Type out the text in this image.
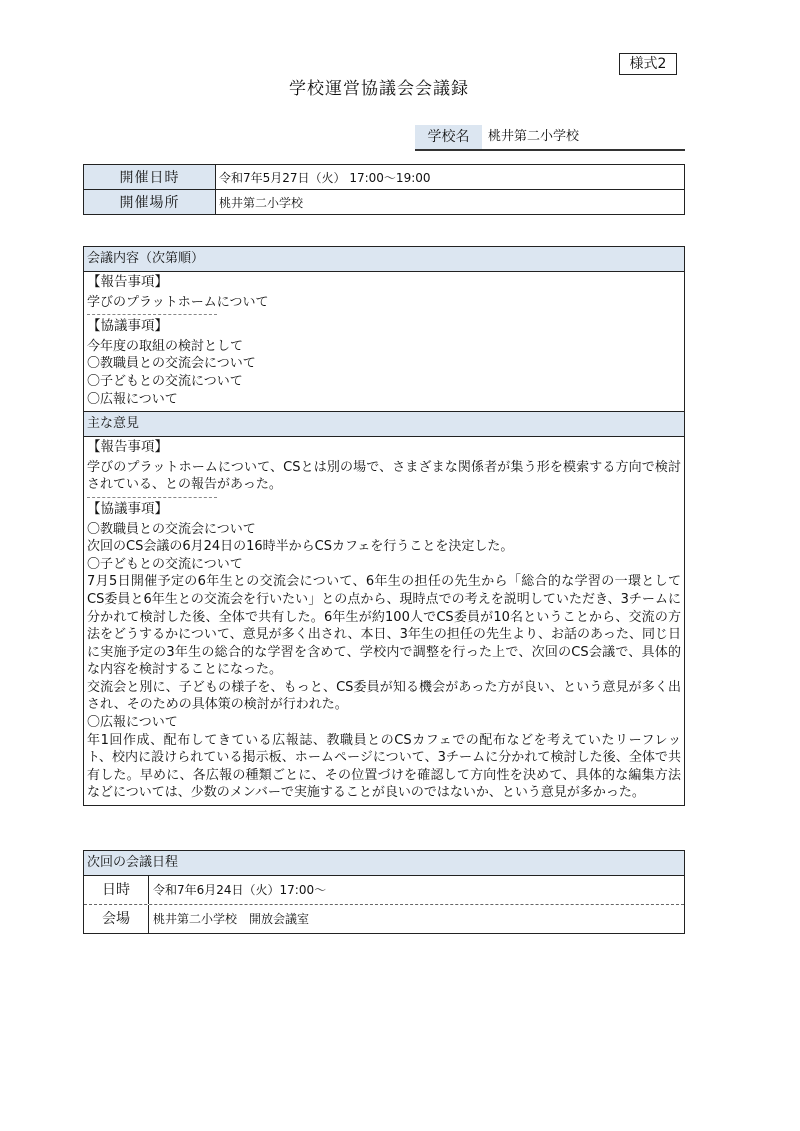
様式2
学校運営協議会会議録
学校名	桃井第二小学校
開催日時	令和7年5月27日（火） 17:00～19:00
開催場所	桃井第二小学校
会議内容（次第順）
【報告事項】
学びのプラットホームについて
【協議事項】
今年度の取組の検討として
〇教職員との交流会について
〇子どもとの交流について
〇広報について
主な意見
【報告事項】

学びのプラットホームについて、CSとは別の場で、さまざまな関係者が集う形を模索する方向で検討されている、との報告があった。

【協議事項】

〇教職員との交流会について

次回のCS会議の6月24日の16時半からCSカフェを行うことを決定した。

〇子どもとの交流について

7月5日開催予定の6年生との交流会について、6年生の担任の先生から「総合的な学習の一環としてCS委員と6年生との交流会を行いたい」との点から、現時点での考えを説明していただき、3チームに分かれて検討した後、全体で共有した。6年生が約100人でCS委員が10名ということから、交流の方法をどうするかについて、意見が多く出され、本日、3年生の担任の先生より、お話のあった、同じ日に実施予定の3年生の総合的な学習を含めて、学校内で調整を行った上で、次回のCS会議で、具体的な内容を検討することになった。

交流会と別に、子どもの様子を、もっと、CS委員が知る機会があった方が良い、という意見が多く出され、そのための具体策の検討が行われた。

〇広報について

年1回作成、配布してきている広報誌、教職員とのCSカフェでの配布などを考えていたリーフレット、校内に設けられている掲示板、ホームページについて、3チームに分かれて検討した後、全体で共有した。早めに、各広報の種類ごとに、その位置づけを確認して方向性を決めて、具体的な編集方法などについては、少数のメンバーで実施することが良いのではないか、という意見が多かった。

次回の会議日程
日時	令和7年6月24日（火）17:00～
会場	桃井第二小学校　開放会議室
